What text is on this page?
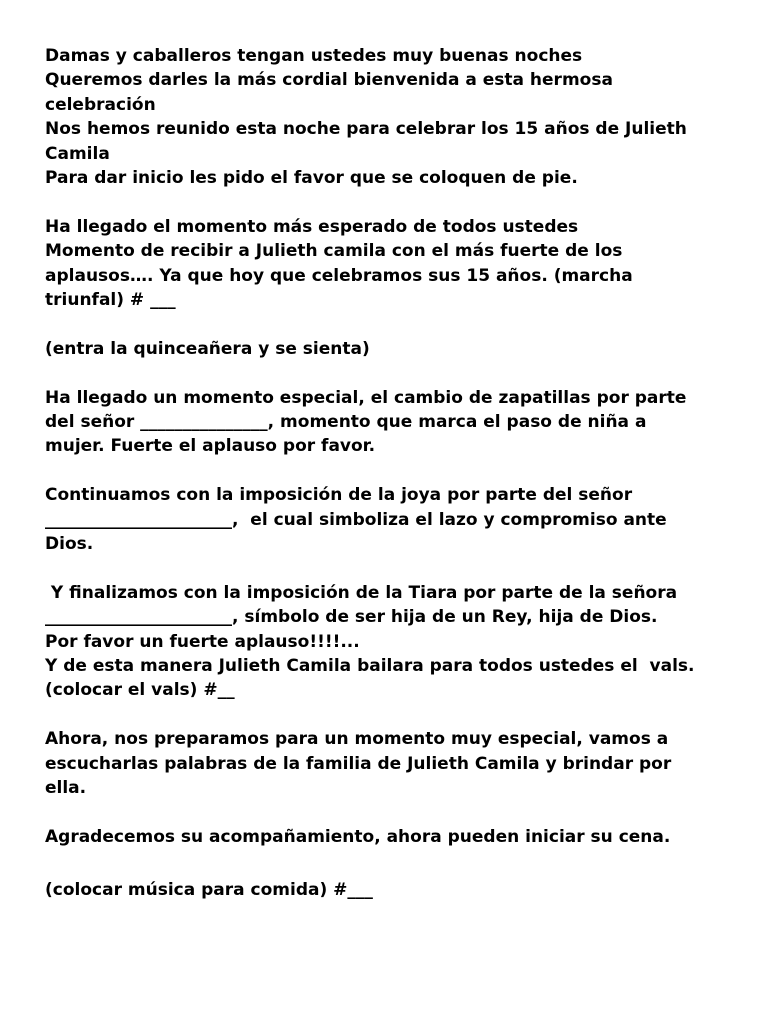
Damas y caballeros tengan ustedes muy buenas noches
Queremos darles la más cordial bienvenida a esta hermosa
celebración
Nos hemos reunido esta noche para celebrar los 15 años de Julieth
Camila
Para dar inicio les pido el favor que se coloquen de pie.
Ha llegado el momento más esperado de todos ustedes
Momento de recibir a Julieth camila con el más fuerte de los
aplausos…. Ya que hoy que celebramos sus 15 años. (marcha
triunfal) # ___
(entra la quinceañera y se sienta)
Ha llegado un momento especial, el cambio de zapatillas por parte
del señor _______________, momento que marca el paso de niña a
mujer. Fuerte el aplauso por favor.
Continuamos con la imposición de la joya por parte del señor
______________________,  el cual simboliza el lazo y compromiso ante
Dios.
Y finalizamos con la imposición de la Tiara por parte de la señora
______________________, símbolo de ser hija de un Rey, hija de Dios.
Por favor un fuerte aplauso!!!!...
Y de esta manera Julieth Camila bailara para todos ustedes el  vals.
(colocar el vals) #__
Ahora, nos preparamos para un momento muy especial, vamos a
escucharlas palabras de la familia de Julieth Camila y brindar por
ella.
Agradecemos su acompañamiento, ahora pueden iniciar su cena.
(colocar música para comida) #___
